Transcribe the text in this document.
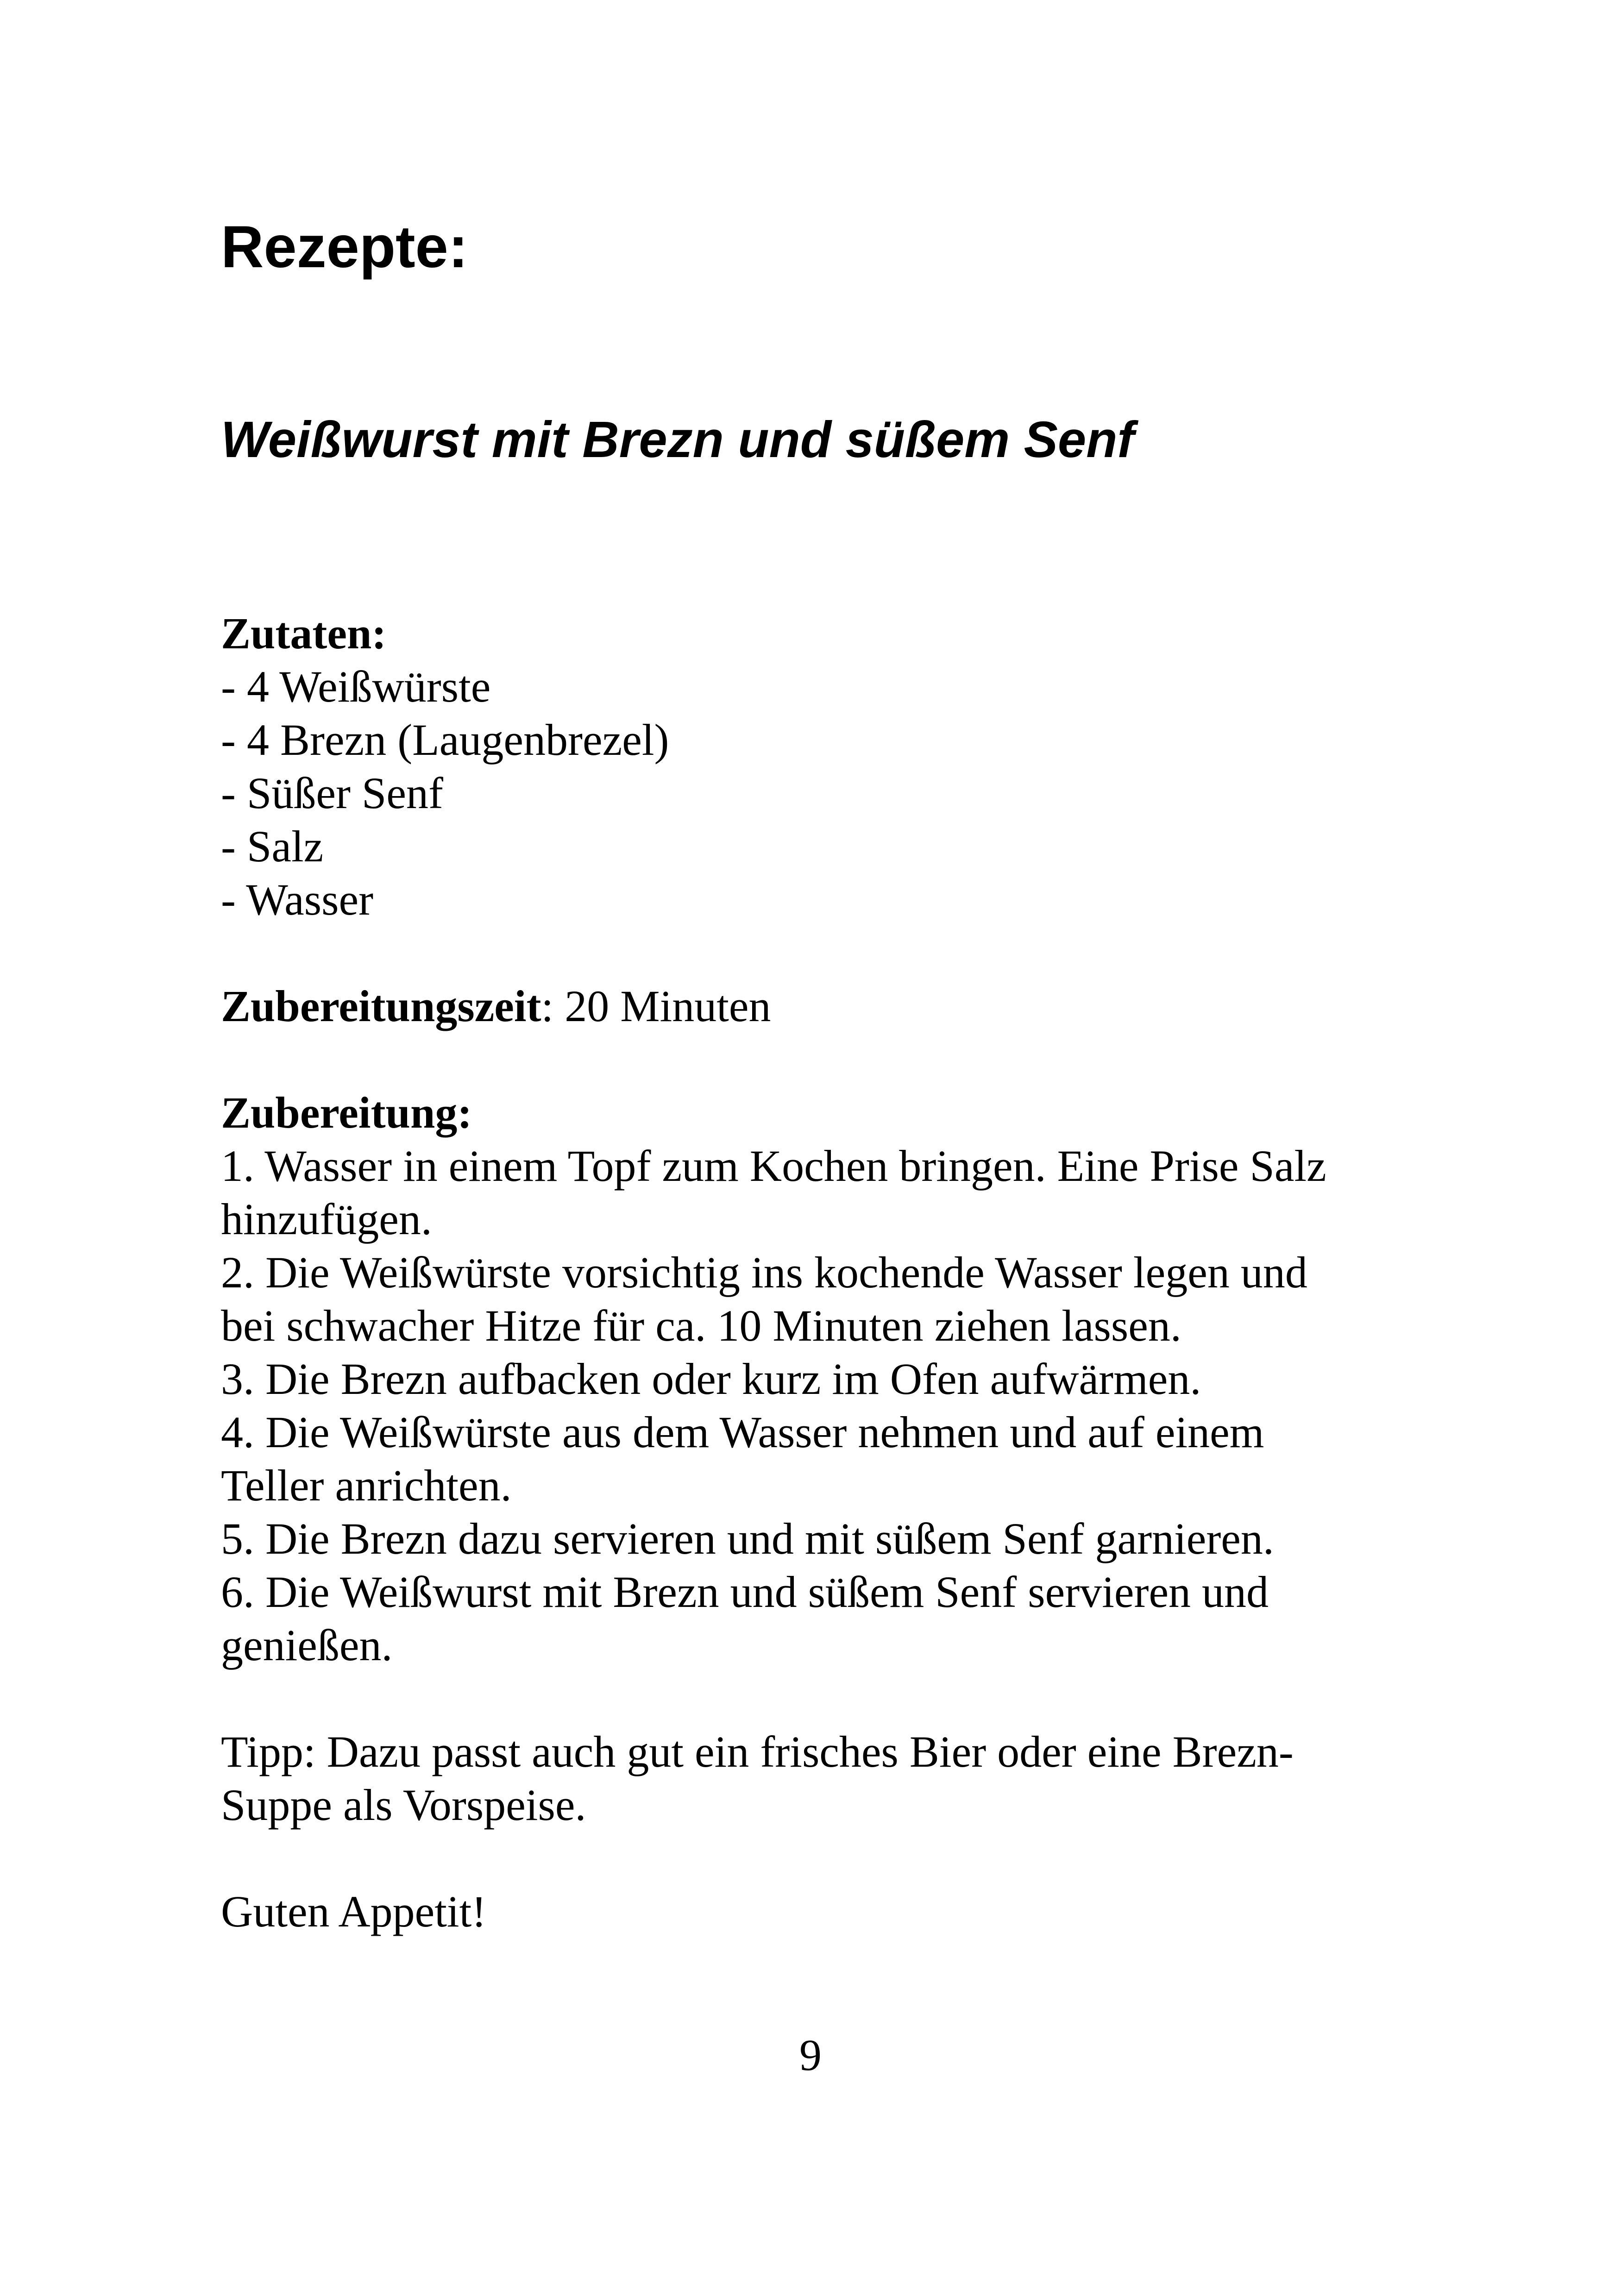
Rezepte:
Weißwurst mit Brezn und süßem Senf
Zutaten:
- 4 Weißwürste
- 4 Brezn (Laugenbrezel)
- Süßer Senf
- Salz
- Wasser
Zubereitungszeit: 20 Minuten
Zubereitung:
1. Wasser in einem Topf zum Kochen bringen. Eine Prise Salz
hinzufügen.
2. Die Weißwürste vorsichtig ins kochende Wasser legen und
bei schwacher Hitze für ca. 10 Minuten ziehen lassen.
3. Die Brezn aufbacken oder kurz im Ofen aufwärmen.
4. Die Weißwürste aus dem Wasser nehmen und auf einem
Teller anrichten.
5. Die Brezn dazu servieren und mit süßem Senf garnieren.
6. Die Weißwurst mit Brezn und süßem Senf servieren und
genießen.
Tipp: Dazu passt auch gut ein frisches Bier oder eine Brezn-
Suppe als Vorspeise.
Guten Appetit!
9
